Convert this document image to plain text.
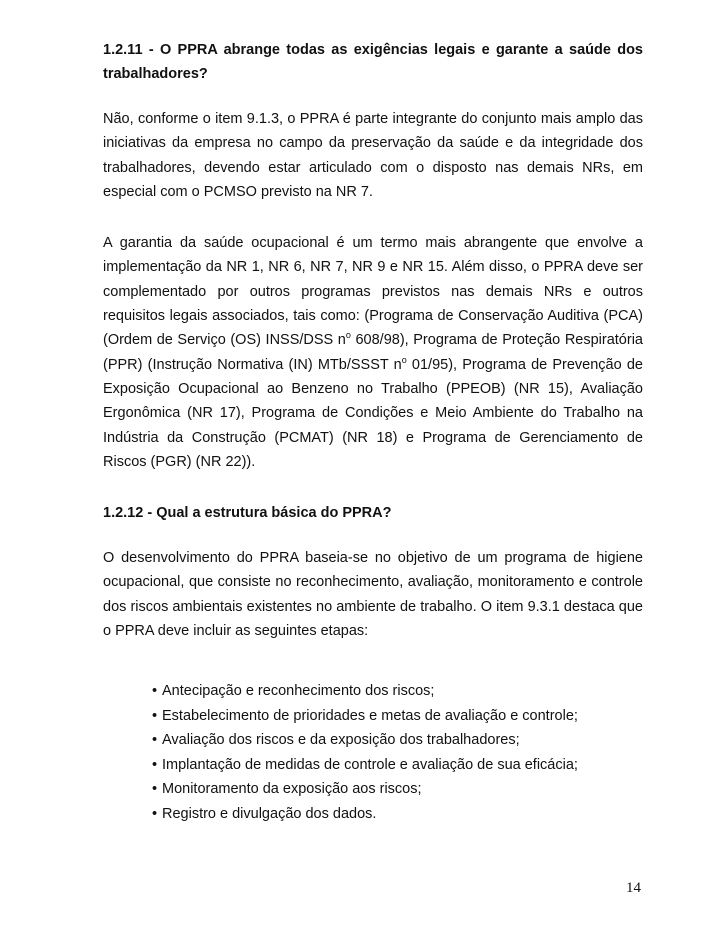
1.2.11 - O PPRA abrange todas as exigências legais e garante a saúde dos trabalhadores?

Não, conforme o item 9.1.3, o PPRA é parte integrante do conjunto mais amplo das iniciativas da empresa no campo da preservação da saúde e da integridade dos trabalhadores, devendo estar articulado com o disposto nas demais NRs, em especial com o PCMSO previsto na NR 7.

A garantia da saúde ocupacional é um termo mais abrangente que envolve a implementação da NR 1, NR 6, NR 7, NR 9 e NR 15. Além disso, o PPRA deve ser complementado por outros programas previstos nas demais NRs e outros requisitos legais associados, tais como: (Programa de Conservação Auditiva (PCA) (Ordem de Serviço (OS) INSS/DSS $n^o$ 608/98), Programa de Proteção Respiratória (PPR) (Instrução Normativa (IN) MTb/SSST $n^o$ 01/95), Programa de Prevenção de Exposição Ocupacional ao Benzeno no Trabalho (PPEOB) (NR 15), Avaliação Ergonômica (NR 17), Programa de Condições e Meio Ambiente do Trabalho na Indústria da Construção (PCMAT) (NR 18) e Programa de Gerenciamento de Riscos (PGR) (NR 22)).

1.2.12 - Qual a estrutura básica do PPRA?

O desenvolvimento do PPRA baseia-se no objetivo de um programa de higiene ocupacional, que consiste no reconhecimento, avaliação, monitoramento e controle dos riscos ambientais existentes no ambiente de trabalho. O item 9.3.1 destaca que o PPRA deve incluir as seguintes etapas:

• Antecipação e reconhecimento dos riscos;
• Estabelecimento de prioridades e metas de avaliação e controle;
• Avaliação dos riscos e da exposição dos trabalhadores;
• Implantação de medidas de controle e avaliação de sua eficácia;
• Monitoramento da exposição aos riscos;
• Registro e divulgação dos dados.
14
